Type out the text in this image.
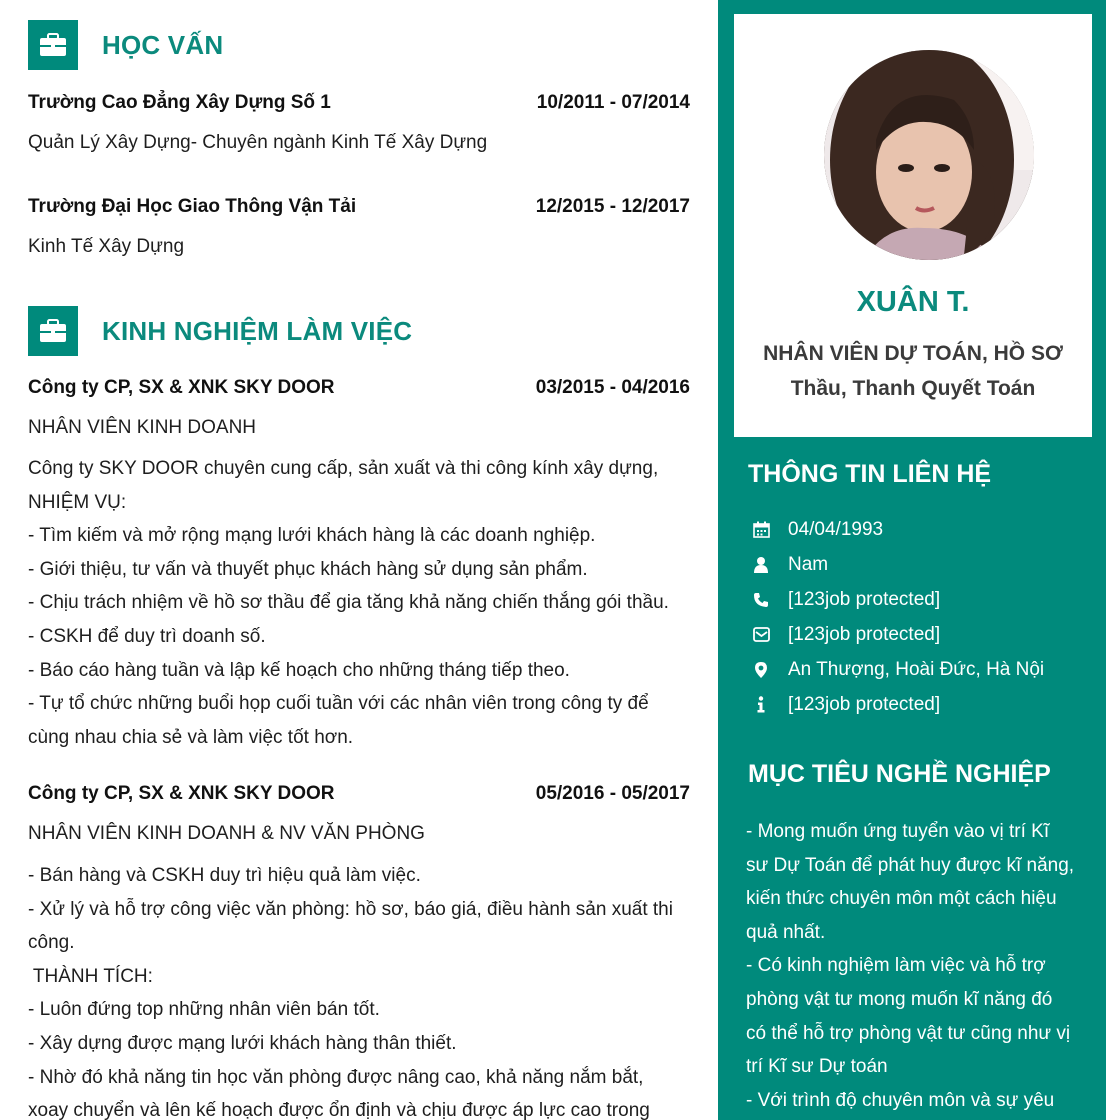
HỌC VẤN
Trường Cao Đẳng Xây Dựng Số 1	10/2011 - 07/2014
Quản Lý Xây Dựng- Chuyên ngành Kinh Tế Xây Dựng
Trường Đại Học Giao Thông Vận Tải	12/2015 - 12/2017
Kinh Tế Xây Dựng
KINH NGHIỆM LÀM VIỆC
Công ty CP, SX & XNK SKY DOOR	03/2015 - 04/2016
NHÂN VIÊN KINH DOANH
Công ty SKY DOOR chuyên cung cấp, sản xuất và thi công kính xây dựng,
NHIỆM VỤ:
- Tìm kiếm và mở rộng mạng lưới khách hàng là các doanh nghiệp.
- Giới thiệu, tư vấn và thuyết phục khách hàng sử dụng sản phẩm.
- Chịu trách nhiệm về hồ sơ thầu để gia tăng khả năng chiến thắng gói thầu.
- CSKH để duy trì doanh số.
- Báo cáo hàng tuần và lập kế hoạch cho những tháng tiếp theo.
- Tự tổ chức những buổi họp cuối tuần với các nhân viên trong công ty để
cùng nhau chia sẻ và làm việc tốt hơn.
Công ty CP, SX & XNK SKY DOOR	05/2016 - 05/2017
NHÂN VIÊN KINH DOANH & NV VĂN PHÒNG
- Bán hàng và CSKH duy trì hiệu quả làm việc.
- Xử lý và hỗ trợ công việc văn phòng: hồ sơ, báo giá, điều hành sản xuất thi
công.
THÀNH TÍCH:
- Luôn đứng top những nhân viên bán tốt.
- Xây dựng được mạng lưới khách hàng thân thiết.
- Nhờ đó khả năng tin học văn phòng được nâng cao, khả năng nắm bắt,
xoay chuyển và lên kế hoạch được ổn định và chịu được áp lực cao trong
XUÂN T.
NHÂN VIÊN DỰ TOÁN, HỒ SƠ
Thầu, Thanh Quyết Toán
THÔNG TIN LIÊN HỆ
04/04/1993
Nam
[123job protected]
[123job protected]
An Thượng, Hoài Đức, Hà Nội
[123job protected]
MỤC TIÊU NGHỀ NGHIỆP
- Mong muốn ứng tuyển vào vị trí Kĩ
sư Dự Toán để phát huy được kĩ năng,
kiến thức chuyên môn một cách hiệu
quả nhất.
- Có kinh nghiệm làm việc và hỗ trợ
phòng vật tư mong muốn kĩ năng đó
có thể hỗ trợ phòng vật tư cũng như vị
trí Kĩ sư Dự toán
- Với trình độ chuyên môn và sự yêu
